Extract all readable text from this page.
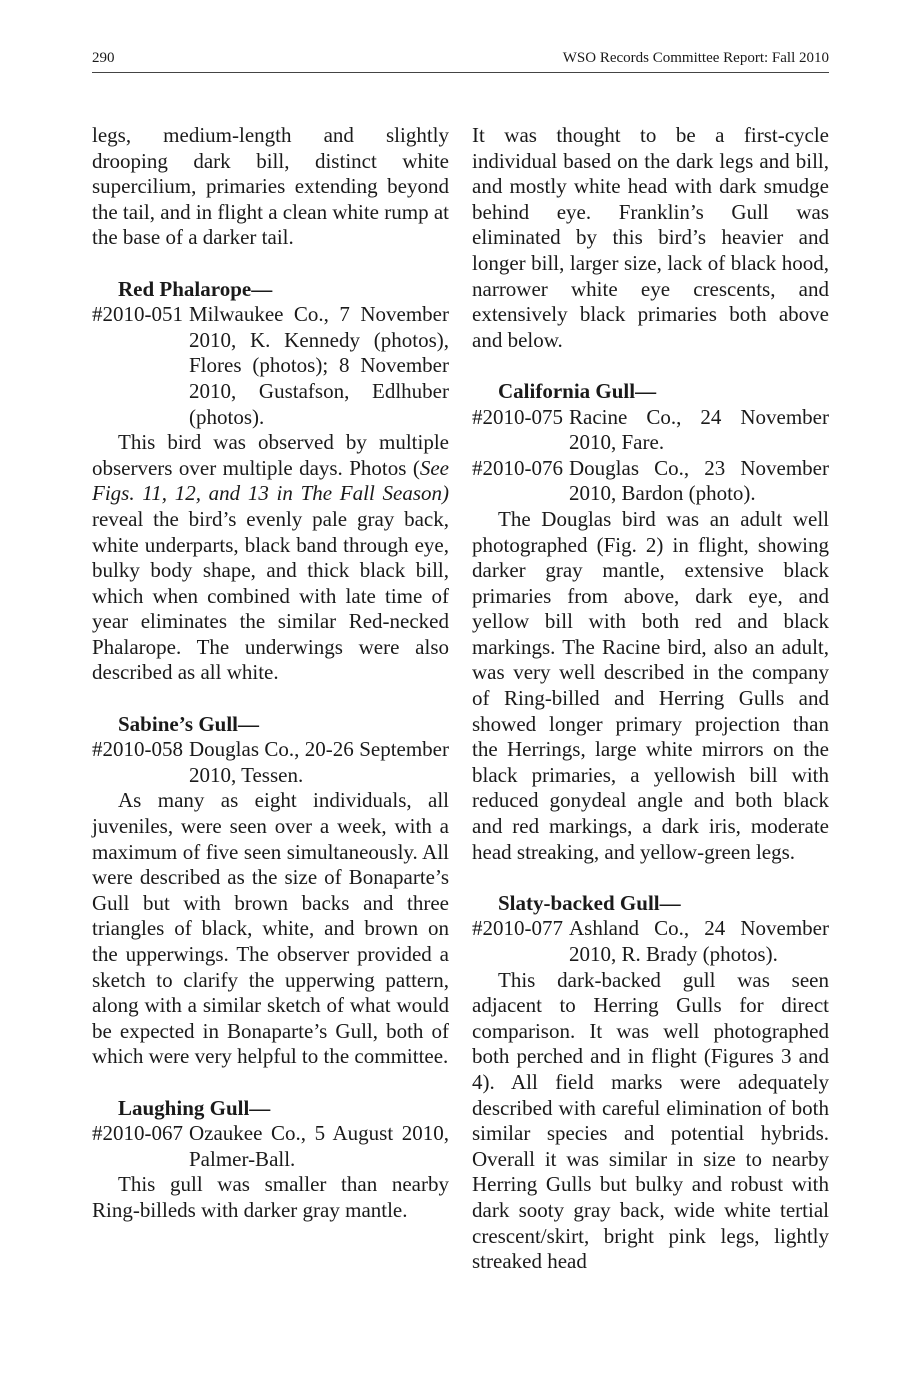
290	WSO Records Committee Report: Fall 2010

legs, medium-length and slightly drooping dark bill, distinct white supercilium, primaries extending beyond the tail, and in flight a clean white rump at the base of a darker tail.

Red Phalarope—

#2010-051 Milwaukee Co., 7 November 2010, K. Kennedy (photos), Flores (photos); 8 November 2010, Gustafson, Edlhuber (photos).

This bird was observed by multiple observers over multiple days. Photos (See Figs. 11, 12, and 13 in The Fall Season) reveal the bird’s evenly pale gray back, white underparts, black band through eye, bulky body shape, and thick black bill, which when combined with late time of year eliminates the similar Red-necked Phalarope. The underwings were also described as all white.

Sabine’s Gull—

#2010-058 Douglas Co., 20-26 September 2010, Tessen.

As many as eight individuals, all juveniles, were seen over a week, with a maximum of five seen simultaneously. All were described as the size of Bonaparte’s Gull but with brown backs and three triangles of black, white, and brown on the upperwings. The observer provided a sketch to clarify the upperwing pattern, along with a similar sketch of what would be expected in Bonaparte’s Gull, both of which were very helpful to the committee.

Laughing Gull—

#2010-067 Ozaukee Co., 5 August 2010, Palmer-Ball.

This gull was smaller than nearby Ring-billeds with darker gray mantle.

It was thought to be a first-cycle individual based on the dark legs and bill, and mostly white head with dark smudge behind eye. Franklin’s Gull was eliminated by this bird’s heavier and longer bill, larger size, lack of black hood, narrower white eye crescents, and extensively black primaries both above and below.

California Gull—

#2010-075 Racine Co., 24 November 2010, Fare.
#2010-076 Douglas Co., 23 November 2010, Bardon (photo).

The Douglas bird was an adult well photographed (Fig. 2) in flight, showing darker gray mantle, extensive black primaries from above, dark eye, and yellow bill with both red and black markings. The Racine bird, also an adult, was very well described in the company of Ring-billed and Herring Gulls and showed longer primary projection than the Herrings, large white mirrors on the black primaries, a yellowish bill with reduced gonydeal angle and both black and red markings, a dark iris, moderate head streaking, and yellow-green legs.

Slaty-backed Gull—

#2010-077 Ashland Co., 24 November 2010, R. Brady (photos).

This dark-backed gull was seen adjacent to Herring Gulls for direct comparison. It was well photographed both perched and in flight (Figures 3 and 4). All field marks were adequately described with careful elimination of both similar species and potential hybrids. Overall it was similar in size to nearby Herring Gulls but bulky and robust with dark sooty gray back, wide white tertial crescent/skirt, bright pink legs, lightly streaked head
